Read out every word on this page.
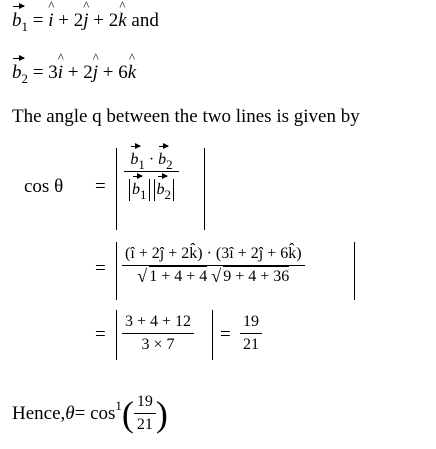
$b_1$ = ^ i + 2^ j + 2^ k and
$b_2$ = 3^ i + 2^ j + 6^ k
The angle q between the two lines is given by
$\cos \theta = \frac{b_1 \cdot b_2}{b_1 b_2}$
= (î + 2ĵ + 2k̂) · (3î + 2ĵ + 6k̂)
√ 1 + 4 + 4 √ 9 + 4 + 36
= $\frac{3 + 4 + 12}{3 \times 7} = \frac{19}{21}$
Hence, θ = cos 1 ( $\frac{19}{21}$ )
